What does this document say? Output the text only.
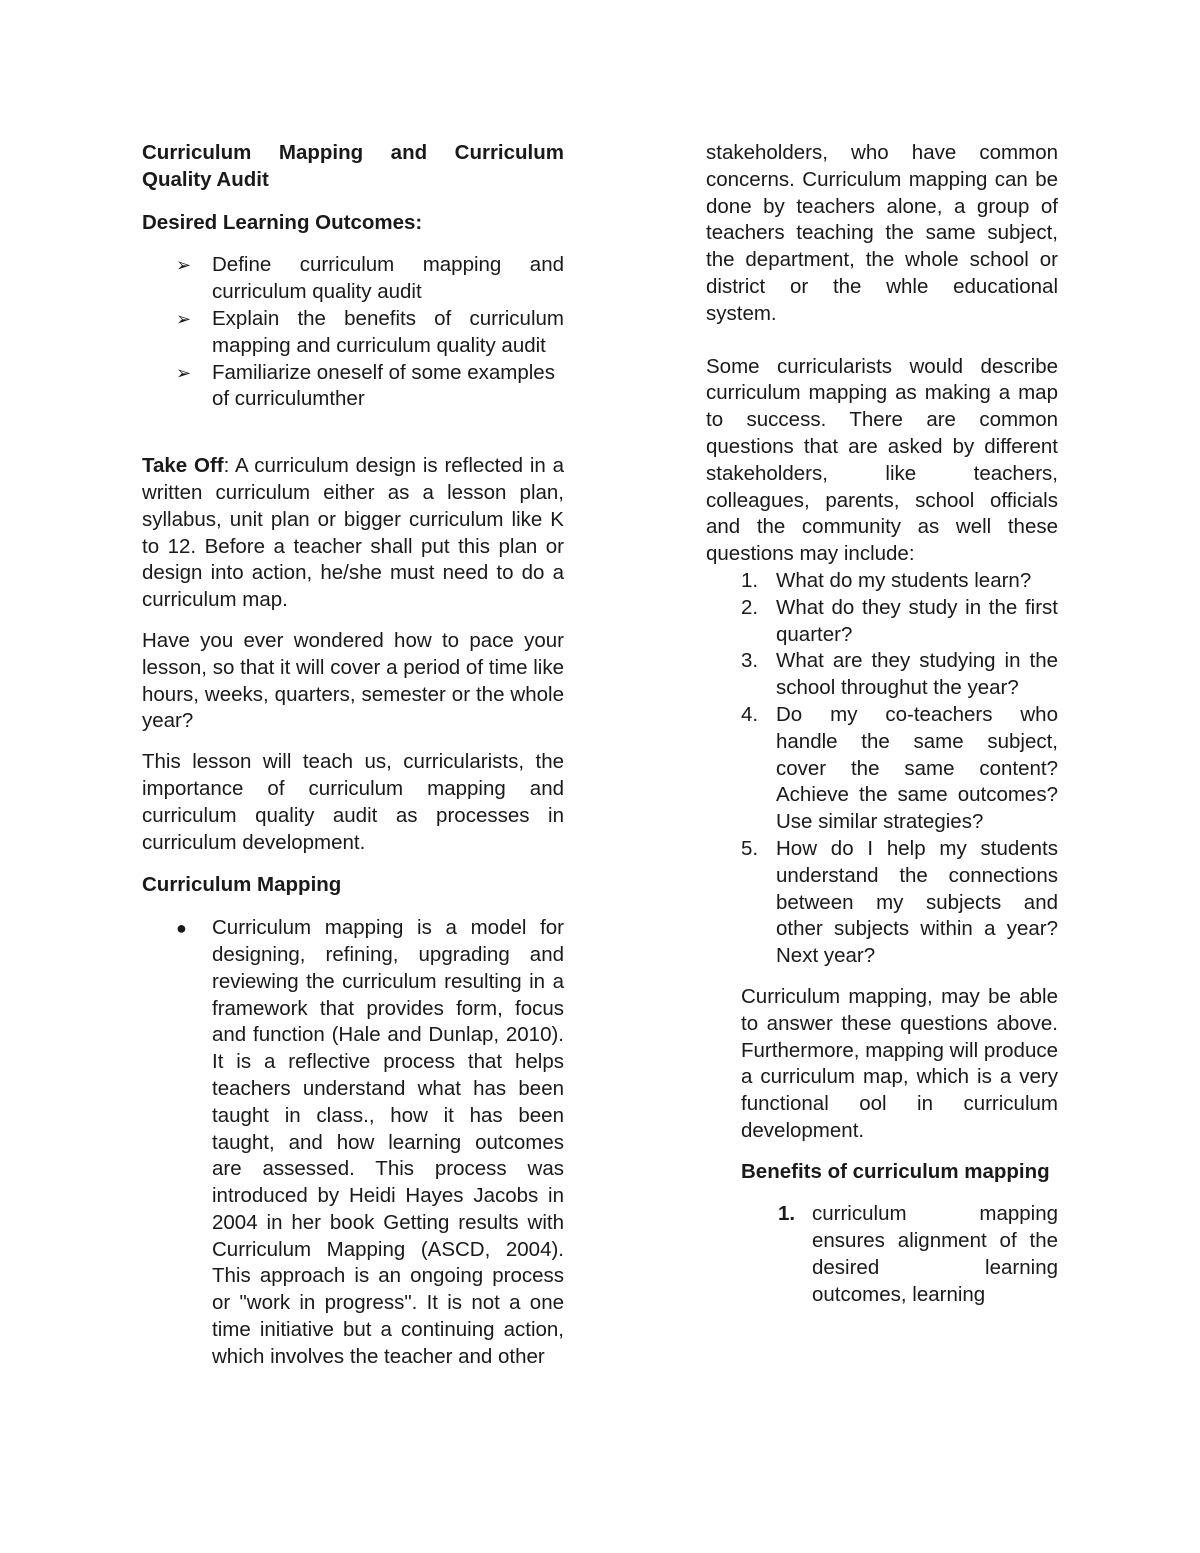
Curriculum Mapping and Curriculum Quality Audit

Desired Learning Outcomes:

➢ Define curriculum mapping and curriculum quality audit
➢ Explain the benefits of curriculum mapping and curriculum quality audit
➢ Familiarize oneself of some examples of curriculumther

Take Off: A curriculum design is reflected in a written curriculum either as a lesson plan, syllabus, unit plan or bigger curriculum like K to 12. Before a teacher shall put this plan or design into action, he/she must need to do a curriculum map.

Have you ever wondered how to pace your lesson, so that it will cover a period of time like hours, weeks, quarters, semester or the whole year?

This lesson will teach us, curricularists, the importance of curriculum mapping and curriculum quality audit as processes in curriculum development.

Curriculum Mapping

● Curriculum mapping is a model for designing, refining, upgrading and reviewing the curriculum resulting in a framework that provides form, focus and function (Hale and Dunlap, 2010). It is a reflective process that helps teachers understand what has been taught in class., how it has been taught, and how learning outcomes are assessed. This process was introduced by Heidi Hayes Jacobs in 2004 in her book Getting results with Curriculum Mapping (ASCD, 2004). This approach is an ongoing process or "work in progress". It is not a one time initiative but a continuing action, which involves the teacher and other

stakeholders, who have common concerns. Curriculum mapping can be done by teachers alone, a group of teachers teaching the same subject, the department, the whole school or district or the whle educational system.

Some curricularists would describe curriculum mapping as making a map to success. There are common questions that are asked by different stakeholders, like teachers, colleagues, parents, school officials and the community as well these questions may include:

1. What do my students learn?
2. What do they study in the first quarter?
3. What are they studying in the school throughut the year?
4. Do my co-teachers who handle the same subject, cover the same content? Achieve the same outcomes? Use similar strategies?
5. How do I help my students understand the connections between my subjects and other subjects within a year? Next year?

Curriculum mapping, may be able to answer these questions above. Furthermore, mapping will produce a curriculum map, which is a very functional ool in curriculum development.

Benefits of curriculum mapping

1. curriculum mapping ensures alignment of the desired learning outcomes, learning
